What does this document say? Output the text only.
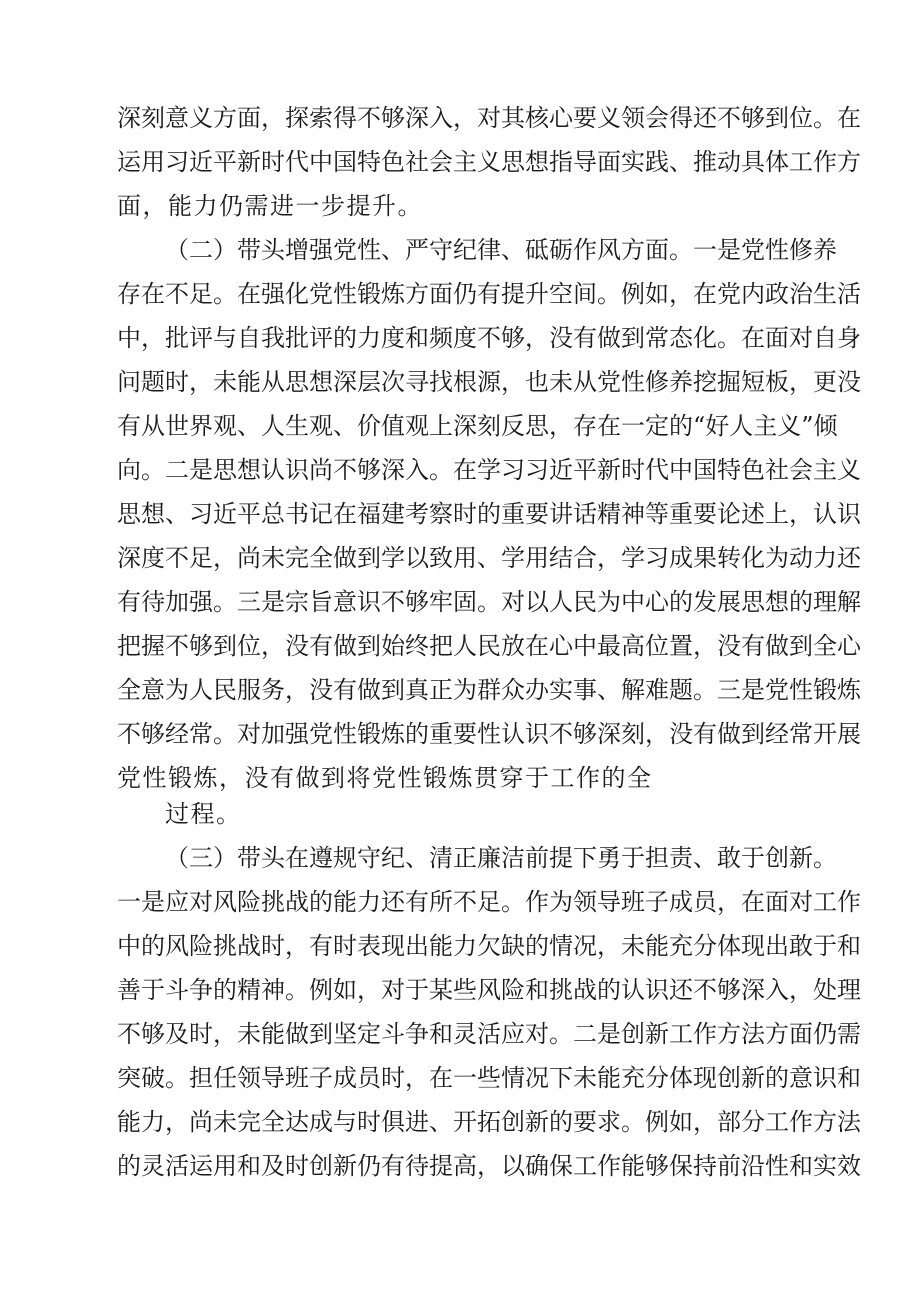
深刻意义方面，探索得不够深入，对其核心要义领会得还不够到位。在
运用习近平新时代中国特色社会主义思想指导面实践、推动具体工作方
面，能力仍需进一步提升。
（二）带头增强党性、严守纪律、砥砺作风方面。一是党性修养
存在不足。在强化党性锻炼方面仍有提升空间。例如，在党内政治生活
中，批评与自我批评的力度和频度不够，没有做到常态化。在面对自身
问题时，未能从思想深层次寻找根源，也未从党性修养挖掘短板，更没
有从世界观、人生观、价值观上深刻反思，存在一定的“好人主义”倾
向。二是思想认识尚不够深入。在学习习近平新时代中国特色社会主义
思想、习近平总书记在福建考察时的重要讲话精神等重要论述上，认识
深度不足，尚未完全做到学以致用、学用结合，学习成果转化为动力还
有待加强。三是宗旨意识不够牢固。对以人民为中心的发展思想的理解
把握不够到位，没有做到始终把人民放在心中最高位置，没有做到全心
全意为人民服务，没有做到真正为群众办实事、解难题。三是党性锻炼
不够经常。对加强党性锻炼的重要性认识不够深刻，没有做到经常开展
党性锻炼，没有做到将党性锻炼贯穿于工作的全
过程。
（三）带头在遵规守纪、清正廉洁前提下勇于担责、敢于创新。
一是应对风险挑战的能力还有所不足。作为领导班子成员，在面对工作
中的风险挑战时，有时表现出能力欠缺的情况，未能充分体现出敢于和
善于斗争的精神。例如，对于某些风险和挑战的认识还不够深入，处理
不够及时，未能做到坚定斗争和灵活应对。二是创新工作方法方面仍需
突破。担任领导班子成员时，在一些情况下未能充分体现创新的意识和
能力，尚未完全达成与时俱进、开拓创新的要求。例如，部分工作方法
的灵活运用和及时创新仍有待提高，以确保工作能够保持前沿性和实效
